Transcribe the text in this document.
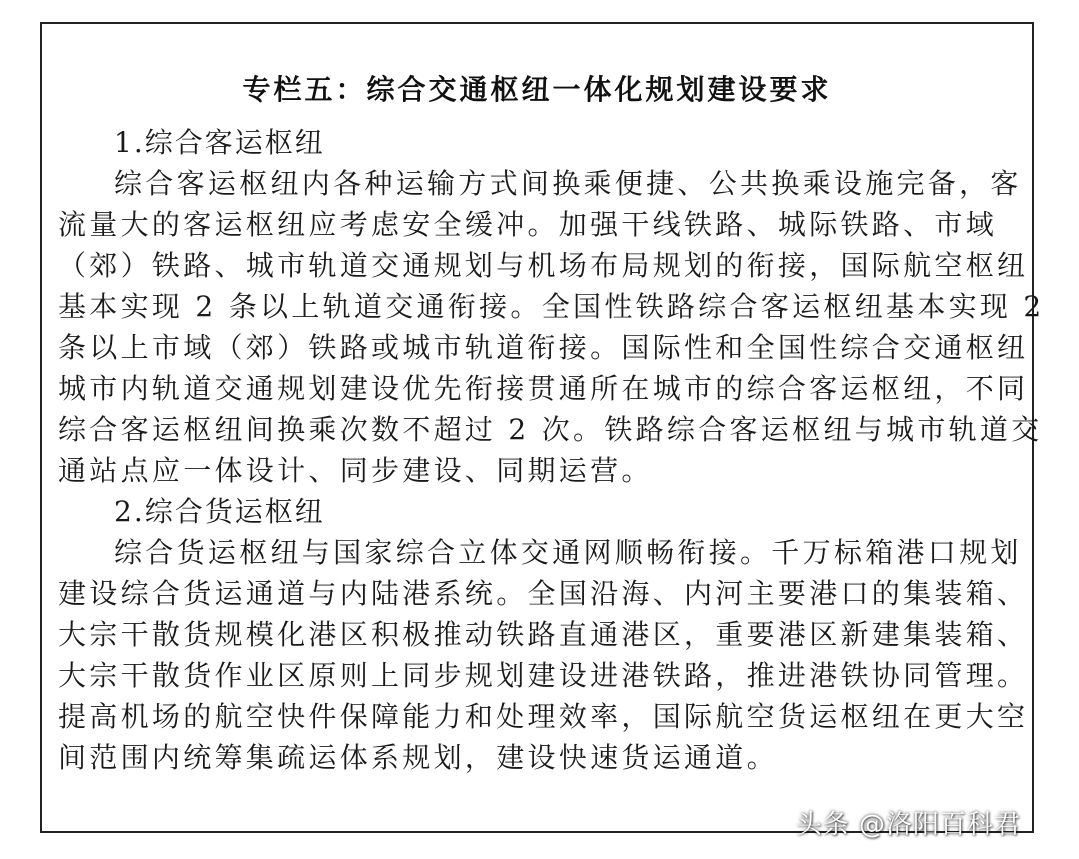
专栏五：综合交通枢纽一体化规划建设要求
1.综合客运枢纽
综合客运枢纽内各种运输方式间换乘便捷、公共换乘设施完备，客
流量大的客运枢纽应考虑安全缓冲。加强干线铁路、城际铁路、市域
（郊）铁路、城市轨道交通规划与机场布局规划的衔接，国际航空枢纽
基本实现 2 条以上轨道交通衔接。全国性铁路综合客运枢纽基本实现 2
条以上市域（郊）铁路或城市轨道衔接。国际性和全国性综合交通枢纽
城市内轨道交通规划建设优先衔接贯通所在城市的综合客运枢纽，不同
综合客运枢纽间换乘次数不超过 2 次。铁路综合客运枢纽与城市轨道交
通站点应一体设计、同步建设、同期运营。
2.综合货运枢纽
综合货运枢纽与国家综合立体交通网顺畅衔接。千万标箱港口规划
建设综合货运通道与内陆港系统。全国沿海、内河主要港口的集装箱、
大宗干散货规模化港区积极推动铁路直通港区，重要港区新建集装箱、
大宗干散货作业区原则上同步规划建设进港铁路，推进港铁协同管理。
提高机场的航空快件保障能力和处理效率，国际航空货运枢纽在更大空
间范围内统筹集疏运体系规划，建设快速货运通道。
头条 @洛阳百科君
